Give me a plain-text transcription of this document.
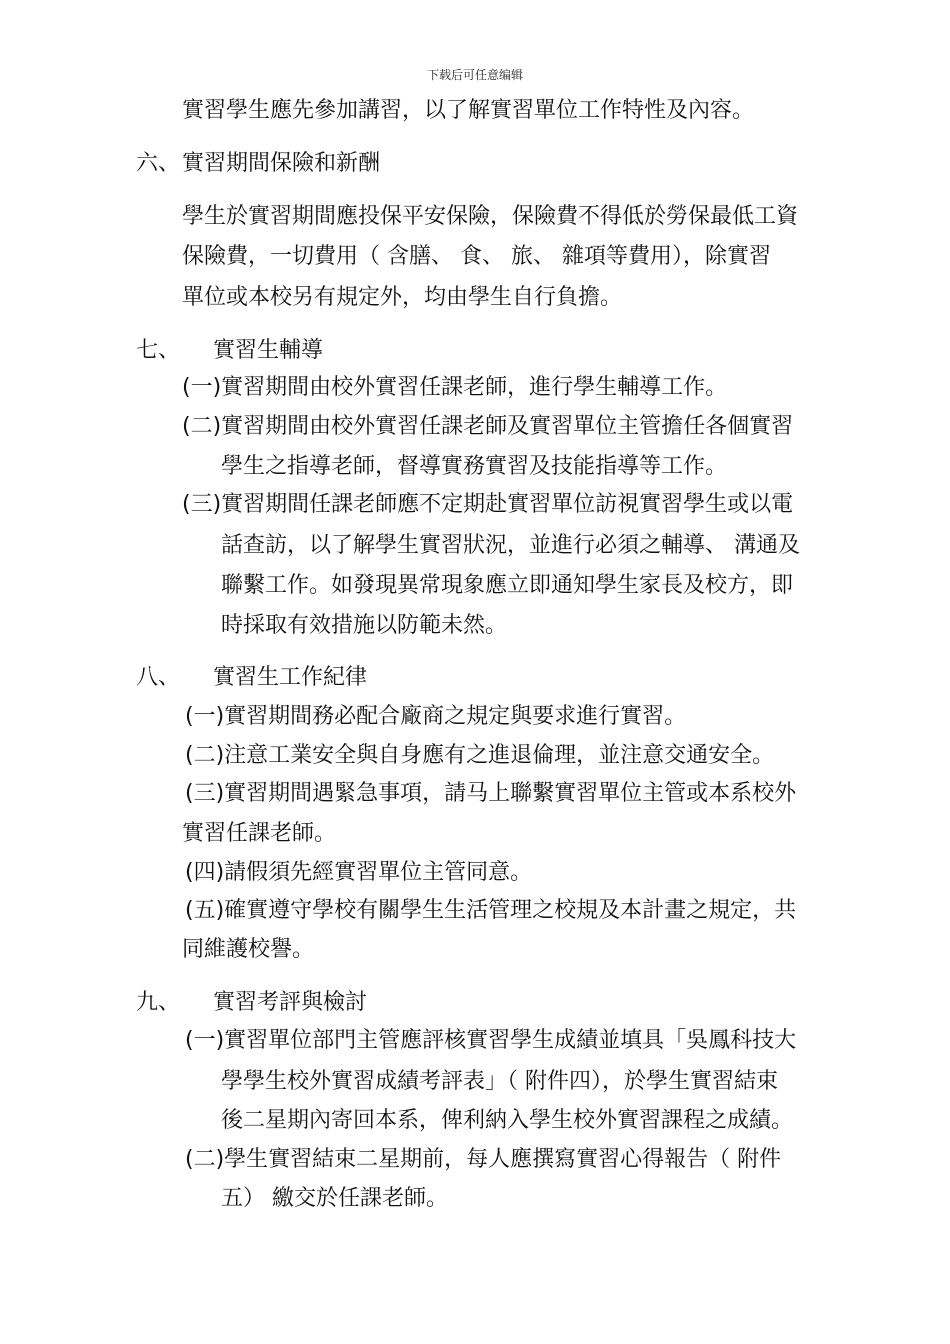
下载后可任意编辑
實習學生應先參加講習，以了解實習單位工作特性及內容。
六、 實習期間保險和新酬
學生於實習期間應投保平安保險，保險費不得低於勞保最低工資
保險費，一切費用（ 含膳、 食、 旅、 雜項等費用），除實習
單位或本校另有規定外，均由學生自行負擔。
七、 實習生輔導
(一)實習期間由校外實習任課老師，進行學生輔導工作。
(二)實習期間由校外實習任課老師及實習單位主管擔任各個實習
學生之指導老師，督導實務實習及技能指導等工作。
(三)實習期間任課老師應不定期赴實習單位訪視實習學生或以電
話查訪，以了解學生實習狀況，並進行必須之輔導、 溝通及
聯繫工作。如發現異常現象應立即通知學生家長及校方，即
時採取有效措施以防範未然。
八、 實習生工作紀律
(一)實習期間務必配合廠商之規定與要求進行實習。
(二)注意工業安全與自身應有之進退倫理，並注意交通安全。
(三)實習期間遇緊急事項，請马上聯繫實習單位主管或本系校外
實習任課老師。
(四)請假須先經實習單位主管同意。
(五)確實遵守學校有關學生生活管理之校規及本計畫之規定，共
同維護校譽。
九、 實習考評與檢討
(一)實習單位部門主管應評核實習學生成績並填具「吳鳳科技大
學學生校外實習成績考評表」（ 附件四），於學生實習結束
後二星期內寄回本系，俾利納入學生校外實習課程之成績。
(二)學生實習結束二星期前，每人應撰寫實習心得報告（ 附件
五） 繳交於任課老師。
